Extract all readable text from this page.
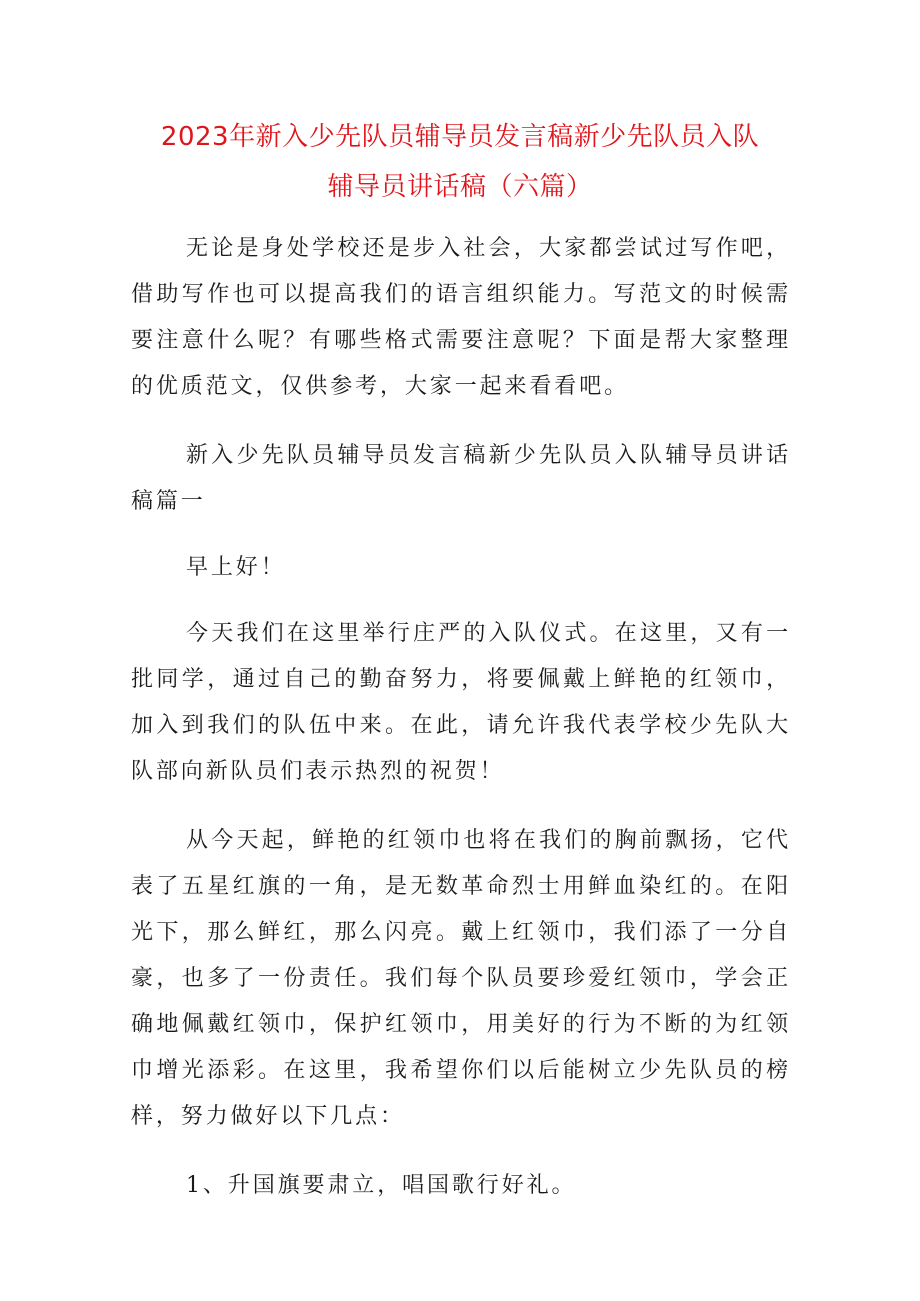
2023年新入少先队员辅导员发言稿新少先队员入队
辅导员讲话稿（六篇）

无论是身处学校还是步入社会，大家都尝试过写作吧，借助写作也可以提高我们的语言组织能力。写范文的时候需要注意什么呢？有哪些格式需要注意呢？下面是帮大家整理的优质范文，仅供参考，大家一起来看看吧。

新入少先队员辅导员发言稿新少先队员入队辅导员讲话稿篇一

早上好！

今天我们在这里举行庄严的入队仪式。在这里，又有一批同学，通过自己的勤奋努力，将要佩戴上鲜艳的红领巾，加入到我们的队伍中来。在此，请允许我代表学校少先队大队部向新队员们表示热烈的祝贺！

从今天起，鲜艳的红领巾也将在我们的胸前飘扬，它代表了五星红旗的一角，是无数革命烈士用鲜血染红的。在阳光下，那么鲜红，那么闪亮。戴上红领巾，我们添了一分自豪，也多了一份责任。我们每个队员要珍爱红领巾，学会正确地佩戴红领巾，保护红领巾，用美好的行为不断的为红领巾增光添彩。在这里，我希望你们以后能树立少先队员的榜样，努力做好以下几点：

1、升国旗要肃立，唱国歌行好礼。
